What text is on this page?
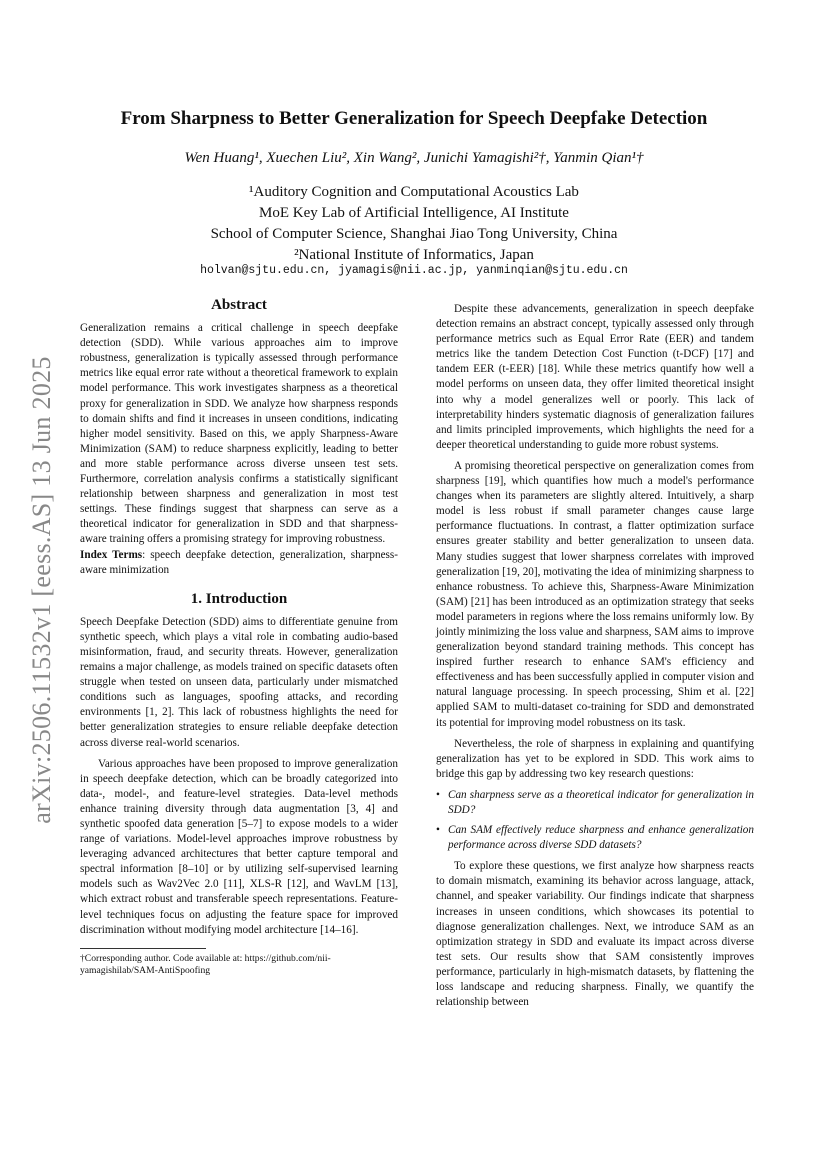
arXiv:2506.11532v1 [eess.AS] 13 Jun 2025
From Sharpness to Better Generalization for Speech Deepfake Detection
Wen Huang¹, Xuechen Liu², Xin Wang², Junichi Yamagishi²†, Yanmin Qian¹†
¹Auditory Cognition and Computational Acoustics Lab
MoE Key Lab of Artificial Intelligence, AI Institute
School of Computer Science, Shanghai Jiao Tong University, China
²National Institute of Informatics, Japan
holvan@sjtu.edu.cn, jyamagis@nii.ac.jp, yanminqian@sjtu.edu.cn
Abstract

Generalization remains a critical challenge in speech deepfake detection (SDD). While various approaches aim to improve robustness, generalization is typically assessed through performance metrics like equal error rate without a theoretical framework to explain model performance. This work investigates sharpness as a theoretical proxy for generalization in SDD. We analyze how sharpness responds to domain shifts and find it increases in unseen conditions, indicating higher model sensitivity. Based on this, we apply Sharpness-Aware Minimization (SAM) to reduce sharpness explicitly, leading to better and more stable performance across diverse unseen test sets. Furthermore, correlation analysis confirms a statistically significant relationship between sharpness and generalization in most test settings. These findings suggest that sharpness can serve as a theoretical indicator for generalization in SDD and that sharpness-aware training offers a promising strategy for improving robustness.

Index Terms: speech deepfake detection, generalization, sharpness-aware minimization

1. Introduction

Speech Deepfake Detection (SDD) aims to differentiate genuine from synthetic speech, which plays a vital role in combating audio-based misinformation, fraud, and security threats. However, generalization remains a major challenge, as models trained on specific datasets often struggle when tested on unseen data, particularly under mismatched conditions such as languages, spoofing attacks, and recording environments [1, 2]. This lack of robustness highlights the need for better generalization strategies to ensure reliable deepfake detection across diverse real-world scenarios.

Various approaches have been proposed to improve generalization in speech deepfake detection, which can be broadly categorized into data-, model-, and feature-level strategies. Data-level methods enhance training diversity through data augmentation [3, 4] and synthetic spoofed data generation [5–7] to expose models to a wider range of variations. Model-level approaches improve robustness by leveraging advanced architectures that better capture temporal and spectral information [8–10] or by utilizing self-supervised learning models such as Wav2Vec 2.0 [11], XLS-R [12], and WavLM [13], which extract robust and transferable speech representations. Feature-level techniques focus on adjusting the feature space for improved discrimination without modifying model architecture [14–16].

†Corresponding author. Code available at: https://github.com/nii-yamagishilab/SAM-AntiSpoofing

Despite these advancements, generalization in speech deepfake detection remains an abstract concept, typically assessed only through performance metrics such as Equal Error Rate (EER) and tandem metrics like the tandem Detection Cost Function (t-DCF) [17] and tandem EER (t-EER) [18]. While these metrics quantify how well a model performs on unseen data, they offer limited theoretical insight into why a model generalizes well or poorly. This lack of interpretability hinders systematic diagnosis of generalization failures and limits principled improvements, which highlights the need for a deeper theoretical understanding to guide more robust systems.

A promising theoretical perspective on generalization comes from sharpness [19], which quantifies how much a model's performance changes when its parameters are slightly altered. Intuitively, a sharp model is less robust if small parameter changes cause large performance fluctuations. In contrast, a flatter optimization surface ensures greater stability and better generalization to unseen data. Many studies suggest that lower sharpness correlates with improved generalization [19, 20], motivating the idea of minimizing sharpness to enhance robustness. To achieve this, Sharpness-Aware Minimization (SAM) [21] has been introduced as an optimization strategy that seeks model parameters in regions where the loss remains uniformly low. By jointly minimizing the loss value and sharpness, SAM aims to improve generalization beyond standard training methods. This concept has inspired further research to enhance SAM's efficiency and effectiveness and has been successfully applied in computer vision and natural language processing. In speech processing, Shim et al. [22] applied SAM to multi-dataset co-training for SDD and demonstrated its potential for improving model robustness on its task.

Nevertheless, the role of sharpness in explaining and quantifying generalization has yet to be explored in SDD. This work aims to bridge this gap by addressing two key research questions:

• Can sharpness serve as a theoretical indicator for generalization in SDD?
• Can SAM effectively reduce sharpness and enhance generalization performance across diverse SDD datasets?

To explore these questions, we first analyze how sharpness reacts to domain mismatch, examining its behavior across language, attack, channel, and speaker variability. Our findings indicate that sharpness increases in unseen conditions, which showcases its potential to diagnose generalization challenges. Next, we introduce SAM as an optimization strategy in SDD and evaluate its impact across diverse test sets. Our results show that SAM consistently improves performance, particularly in high-mismatch datasets, by flattening the loss landscape and reducing sharpness. Finally, we quantify the relationship between
